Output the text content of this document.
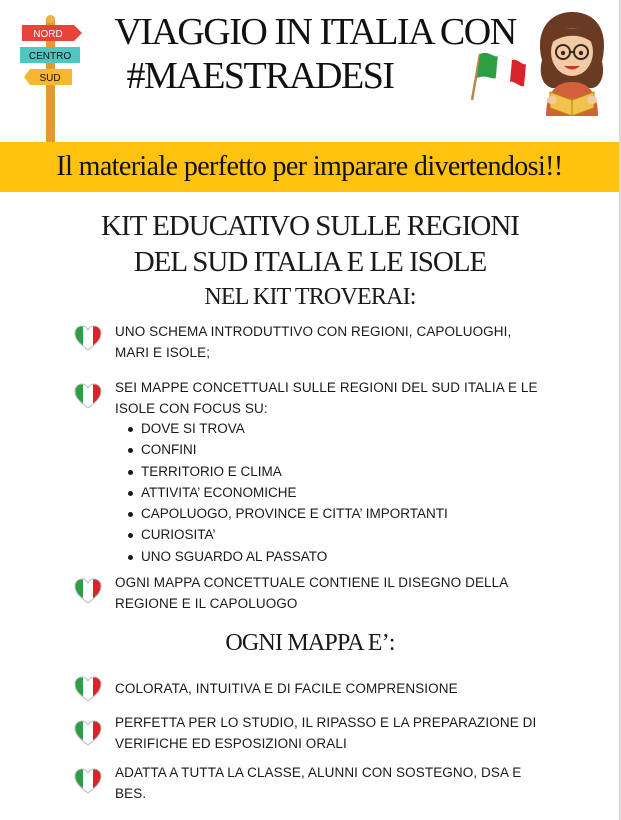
NORD
CENTRO
SUD
VIAGGIO IN ITALIA CON
#MAESTRADESI
Il materiale perfetto per imparare divertendosi!!
KIT EDUCATIVO SULLE REGIONI
DEL SUD ITALIA E LE ISOLE
NEL KIT TROVERAI:
UNO SCHEMA INTRODUTTIVO CON REGIONI, CAPOLUOGHI, MARI E ISOLE;
SEI MAPPE CONCETTUALI SULLE REGIONI DEL SUD ITALIA E LE ISOLE CON FOCUS SU:
DOVE SI TROVA
CONFINI
TERRITORIO E CLIMA
ATTIVITA’ ECONOMICHE
CAPOLUOGO, PROVINCE E CITTA’ IMPORTANTI
CURIOSITA’
UNO SGUARDO AL PASSATO
OGNI MAPPA CONCETTUALE CONTIENE IL DISEGNO DELLA REGIONE E IL CAPOLUOGO
OGNI MAPPA E’:
COLORATA, INTUITIVA E DI FACILE COMPRENSIONE
PERFETTA PER LO STUDIO, IL RIPASSO E LA PREPARAZIONE DI VERIFICHE ED ESPOSIZIONI ORALI
ADATTA A TUTTA LA CLASSE, ALUNNI CON SOSTEGNO, DSA E BES.
